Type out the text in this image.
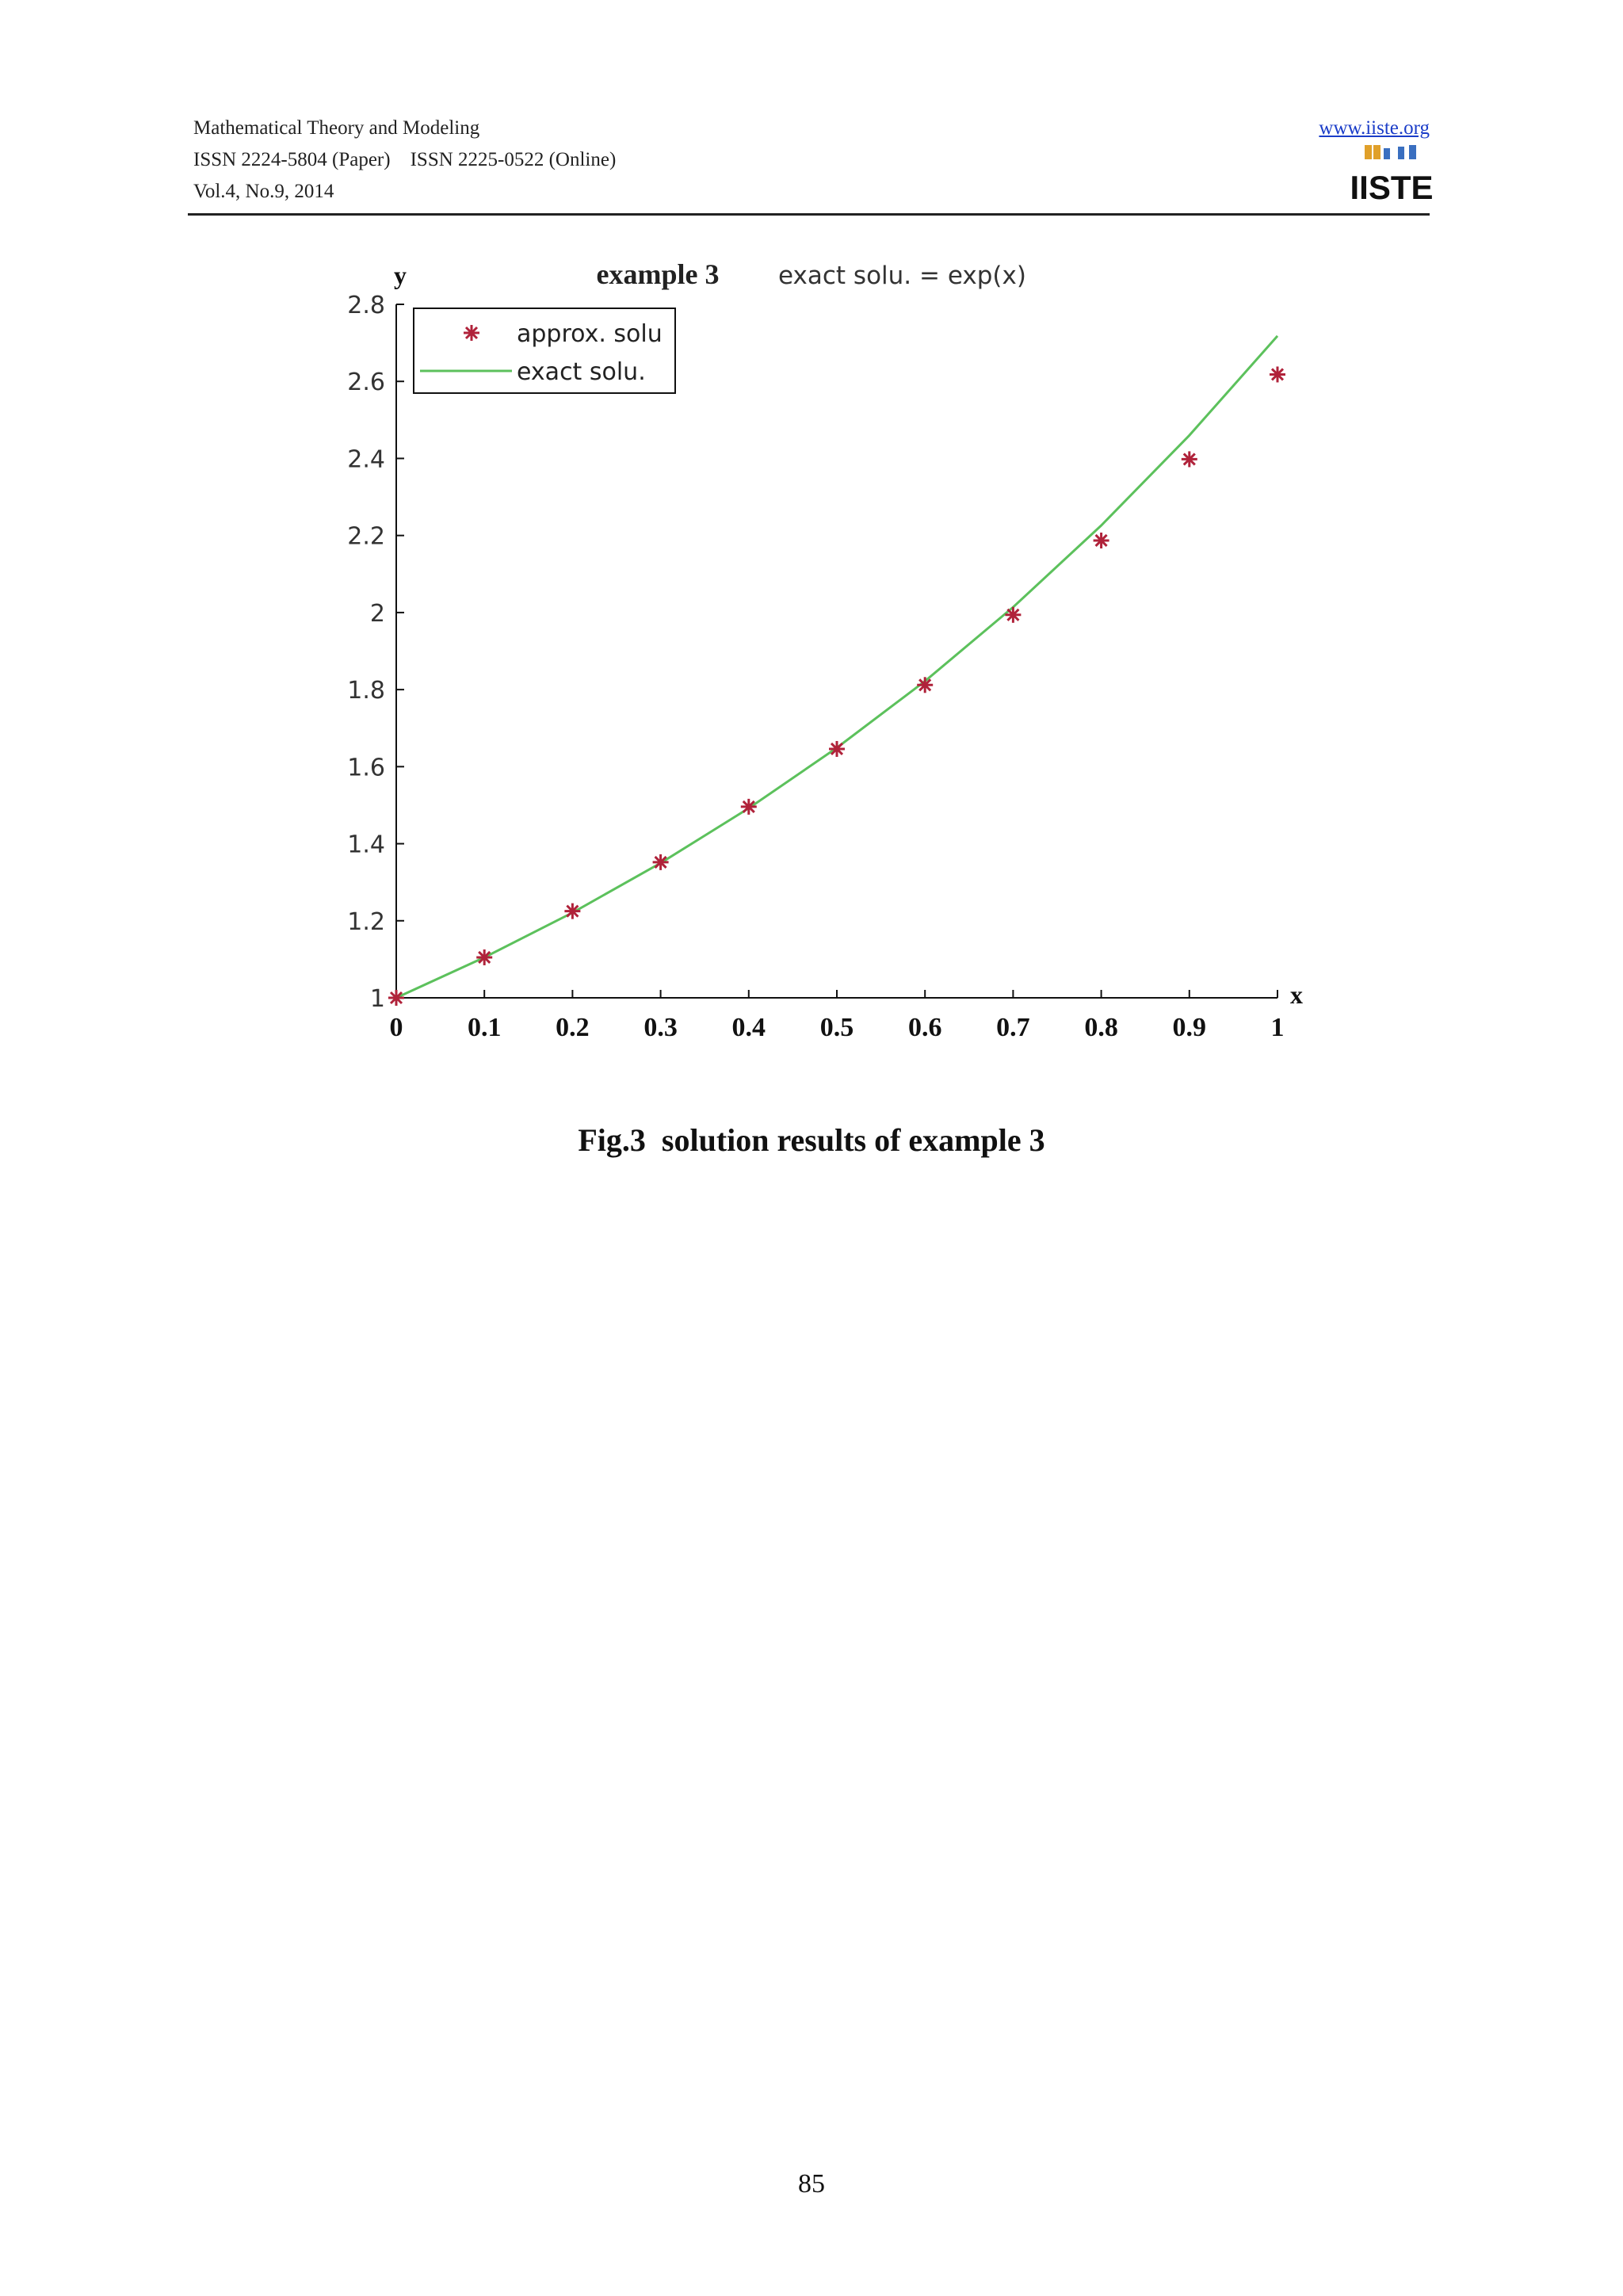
Mathematical Theory and Modeling
ISSN 2224-5804 (Paper)    ISSN 2225-0522 (Online)
Vol.4, No.9, 2014
www.iiste.org
IISTE
example 3 exact solu. = exp(x)
y
x
1
1.2
1.4
1.6
1.8
2
2.2
2.4
2.6
2.8
0 0.1 0.2 0.3 0.4 0.5 0.6 0.7 0.8 0.9 1
approx. solu
exact solu.
Fig.3  solution results of example 3
85
